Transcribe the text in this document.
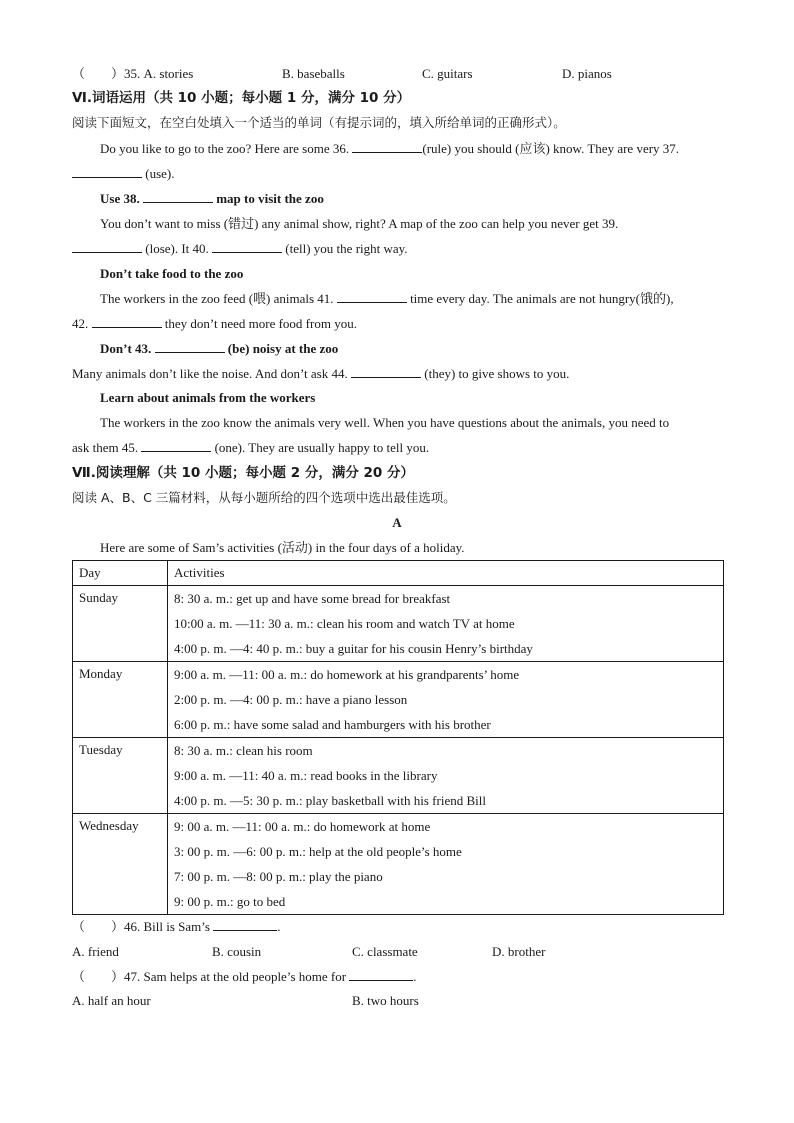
（　　）35. A. stories	B. baseballs	C. guitars	D. pianos
Ⅵ.词语运用（共 10 小题；每小题 1 分，满分 10 分）
阅读下面短文，在空白处填入一个适当的单词（有提示词的，填入所给单词的正确形式）。
Do you like to go to the zoo? Here are some 36.	(rule) you should (应该) know. They are very 37.
(use).
Use 38.	map to visit the zoo
You don’t want to miss (错过) any animal show, right? A map of the zoo can help you never get 39.
(lose). It 40.	(tell) you the right way.
Don’t take food to the zoo
The workers in the zoo feed (喂) animals 41.	time every day. The animals are not hungry(饿的),
42.	they don’t need more food from you.
Don’t 43.	(be) noisy at the zoo
Many animals don’t like the noise. And don’t ask 44.	(they) to give shows to you.
Learn about animals from the workers
The workers in the zoo know the animals very well. When you have questions about the animals, you need to
ask them 45.	(one). They are usually happy to tell you.
Ⅶ.阅读理解（共 10 小题；每小题 2 分，满分 20 分）
阅读 A、B、C 三篇材料，从每小题所给的四个选项中选出最佳选项。
A
Here are some of Sam’s activities (活动) in the four days of a holiday.
Day	Activities
Sunday	8: 30 a. m.: get up and have some bread for breakfast
10:00 a. m. —11: 30 a. m.: clean his room and watch TV at home
4:00 p. m. —4: 40 p. m.: buy a guitar for his cousin Henry’s birthday

Monday	9:00 a. m. —11: 00 a. m.: do homework at his grandparents’ home
2:00 p. m. —4: 00 p. m.: have a piano lesson
6:00 p. m.: have some salad and hamburgers with his brother

Tuesday	8: 30 a. m.: clean his room
9:00 a. m. —11: 40 a. m.: read books in the library
4:00 p. m. —5: 30 p. m.: play basketball with his friend Bill

Wednesday	9: 00 a. m. —11: 00 a. m.: do homework at home
3: 00 p. m. —6: 00 p. m.: help at the old people’s home
7: 00 p. m. —8: 00 p. m.: play the piano
9: 00 p. m.: go to bed
（　　）46. Bill is Sam’s	.
A. friend	B. cousin	C. classmate	D. brother
（　　）47. Sam helps at the old people’s home for	.
A. half an hour	B. two hours
